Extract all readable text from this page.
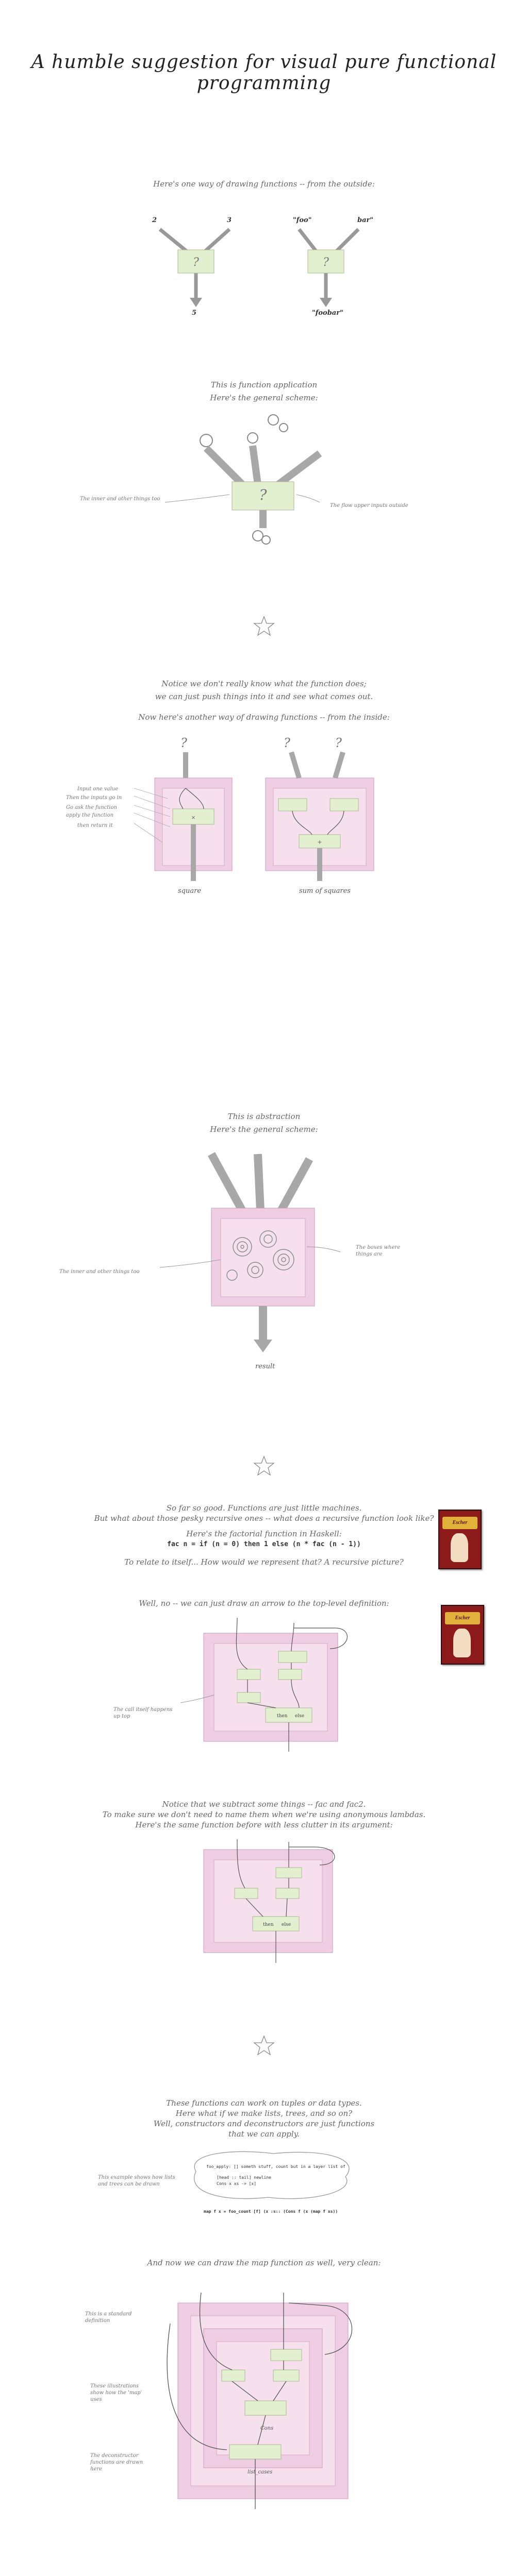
A humble suggestion for visual pure functional programming
Here's one way of drawing functions -- from the outside:
2	3	"foo"	bar"
?	?
5	"foobar"
This is function application
Here's the general scheme:
?
The inner and other things too
The flow upper inputs outside
Notice we don't really know what the function does;
we can just push things into it and see what comes out.
Now here's another way of drawing functions -- from the inside:
?	?	?
×
+
Input one value
Then the inputs go in
Go ask the function
apply the function
then return it
square	sum of squares
This is abstraction
Here's the general scheme:
The inner and other things too
The boxes where things are
result
So far so good. Functions are just little machines.
But what about those pesky recursive ones -- what does a recursive function look like?
Here's the factorial function in Haskell:
fac n = if (n = 0) then 1 else (n * fac (n - 1))
To relate to itself... How would we represent that? A recursive picture?
Escher
Well, no -- we can just draw an arrow to the top-level definition:
Escher
then else
The call itself happens up top
Notice that we subtract some things -- fac and fac2.
To make sure we don't need to name them when we're using anonymous lambdas.
Here's the same function before with less clutter in its argument:
then else
These functions can work on tuples or data types.
Here what if we make lists, trees, and so on?
Well, constructors and deconstructors are just functions
that we can apply.
This example shows how lists and trees can be drawn
foo_apply: [] someth stuff, count but in a layer list of
[head :: tail] newline
Cons x xs -> [x]
map f x = foo_count [f] (x :s:: (Cons f (x (map f xs))
And now we can draw the map function as well, very clean:
Cons
list_cases
This is a standard definition
These illustrations show how the 'map' uses
The deconstructor functions are drawn here
